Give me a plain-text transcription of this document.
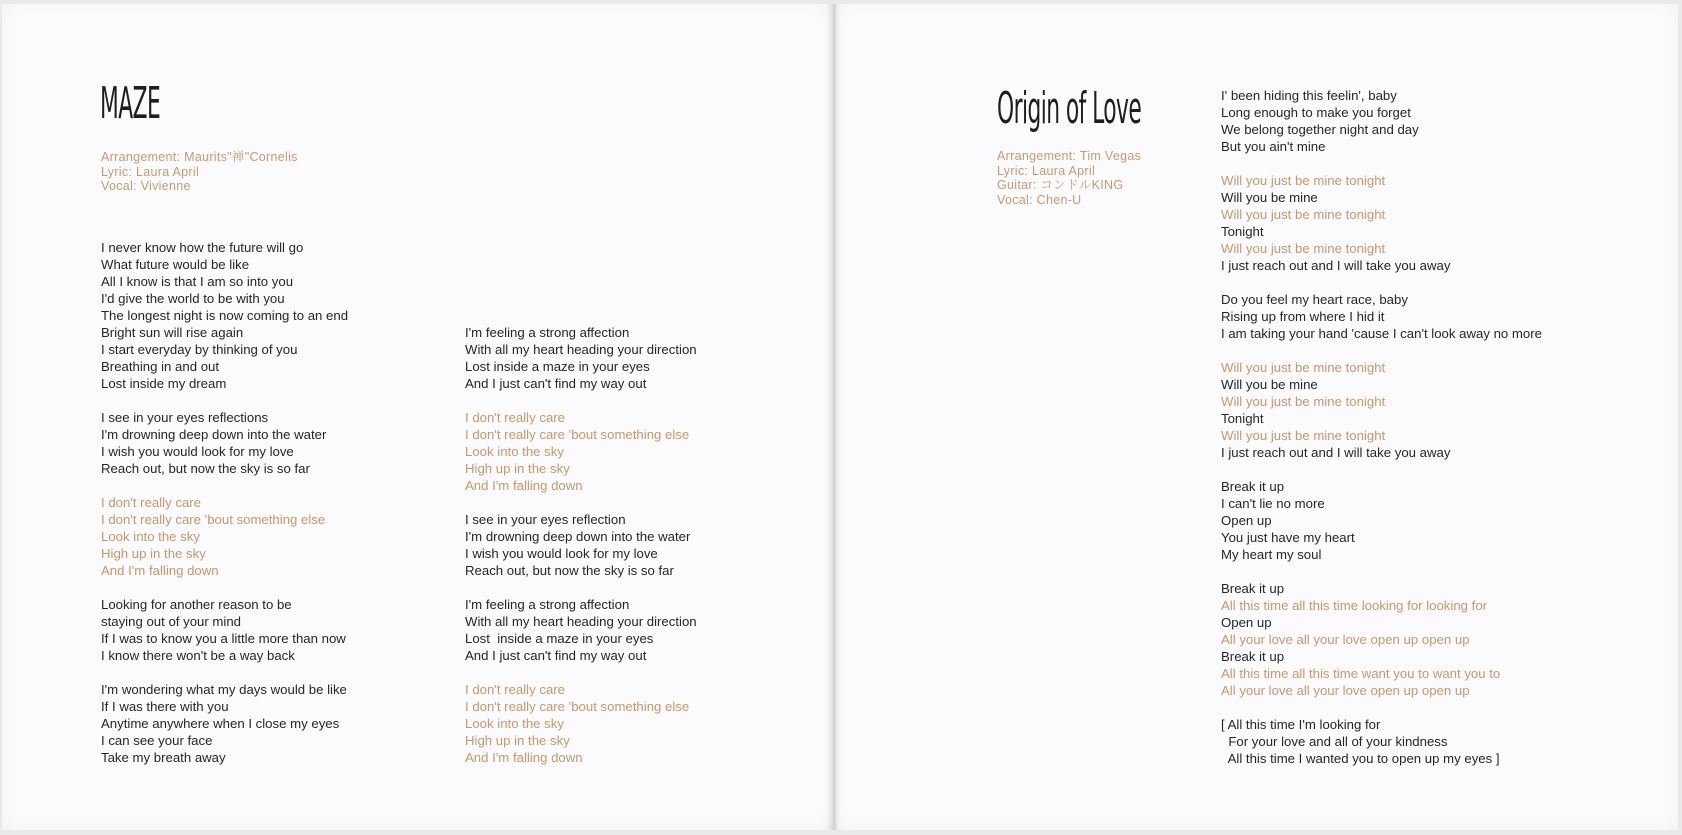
MAZE
Arrangement: Maurits"禅"Cornelis
Lyric: Laura April
Vocal: Vivienne
I never know how the future will go
What future would be like
All I know is that I am so into you
I'd give the world to be with you
The longest night is now coming to an end
Bright sun will rise again
I start everyday by thinking of you
Breathing in and out
Lost inside my dream
I see in your eyes reflections
I'm drowning deep down into the water
I wish you would look for my love
Reach out, but now the sky is so far
I don't really care
I don't really care 'bout something else
Look into the sky
High up in the sky
And I'm falling down
Looking for another reason to be
staying out of your mind
If I was to know you a little more than now
I know there won't be a way back
I'm wondering what my days would be like
If I was there with you
Anytime anywhere when I close my eyes
I can see your face
Take my breath away
I'm feeling a strong affection
With all my heart heading your direction
Lost inside a maze in your eyes
And I just can't find my way out
I don't really care
I don't really care 'bout something else
Look into the sky
High up in the sky
And I'm falling down
I see in your eyes reflection
I'm drowning deep down into the water
I wish you would look for my love
Reach out, but now the sky is so far
I'm feeling a strong affection
With all my heart heading your direction
Lost  inside a maze in your eyes
And I just can't find my way out
I don't really care
I don't really care 'bout something else
Look into the sky
High up in the sky
And I'm falling down
Origin of Love
Arrangement: Tim Vegas
Lyric: Laura April
Guitar: コンドルKING
Vocal: Chen-U
I' been hiding this feelin', baby
Long enough to make you forget
We belong together night and day
But you ain't mine
Will you just be mine tonight
Will you be mine
Will you just be mine tonight
Tonight
Will you just be mine tonight
I just reach out and I will take you away
Do you feel my heart race, baby
Rising up from where I hid it
I am taking your hand 'cause I can't look away no more
Will you just be mine tonight
Will you be mine
Will you just be mine tonight
Tonight
Will you just be mine tonight
I just reach out and I will take you away
Break it up
I can't lie no more
Open up
You just have my heart
My heart my soul
Break it up
All this time all this time looking for looking for
Open up
All your love all your love open up open up
Break it up
All this time all this time want you to want you to
All your love all your love open up open up
[ All this time I'm looking for
For your love and all of your kindness
All this time I wanted you to open up my eyes ]
